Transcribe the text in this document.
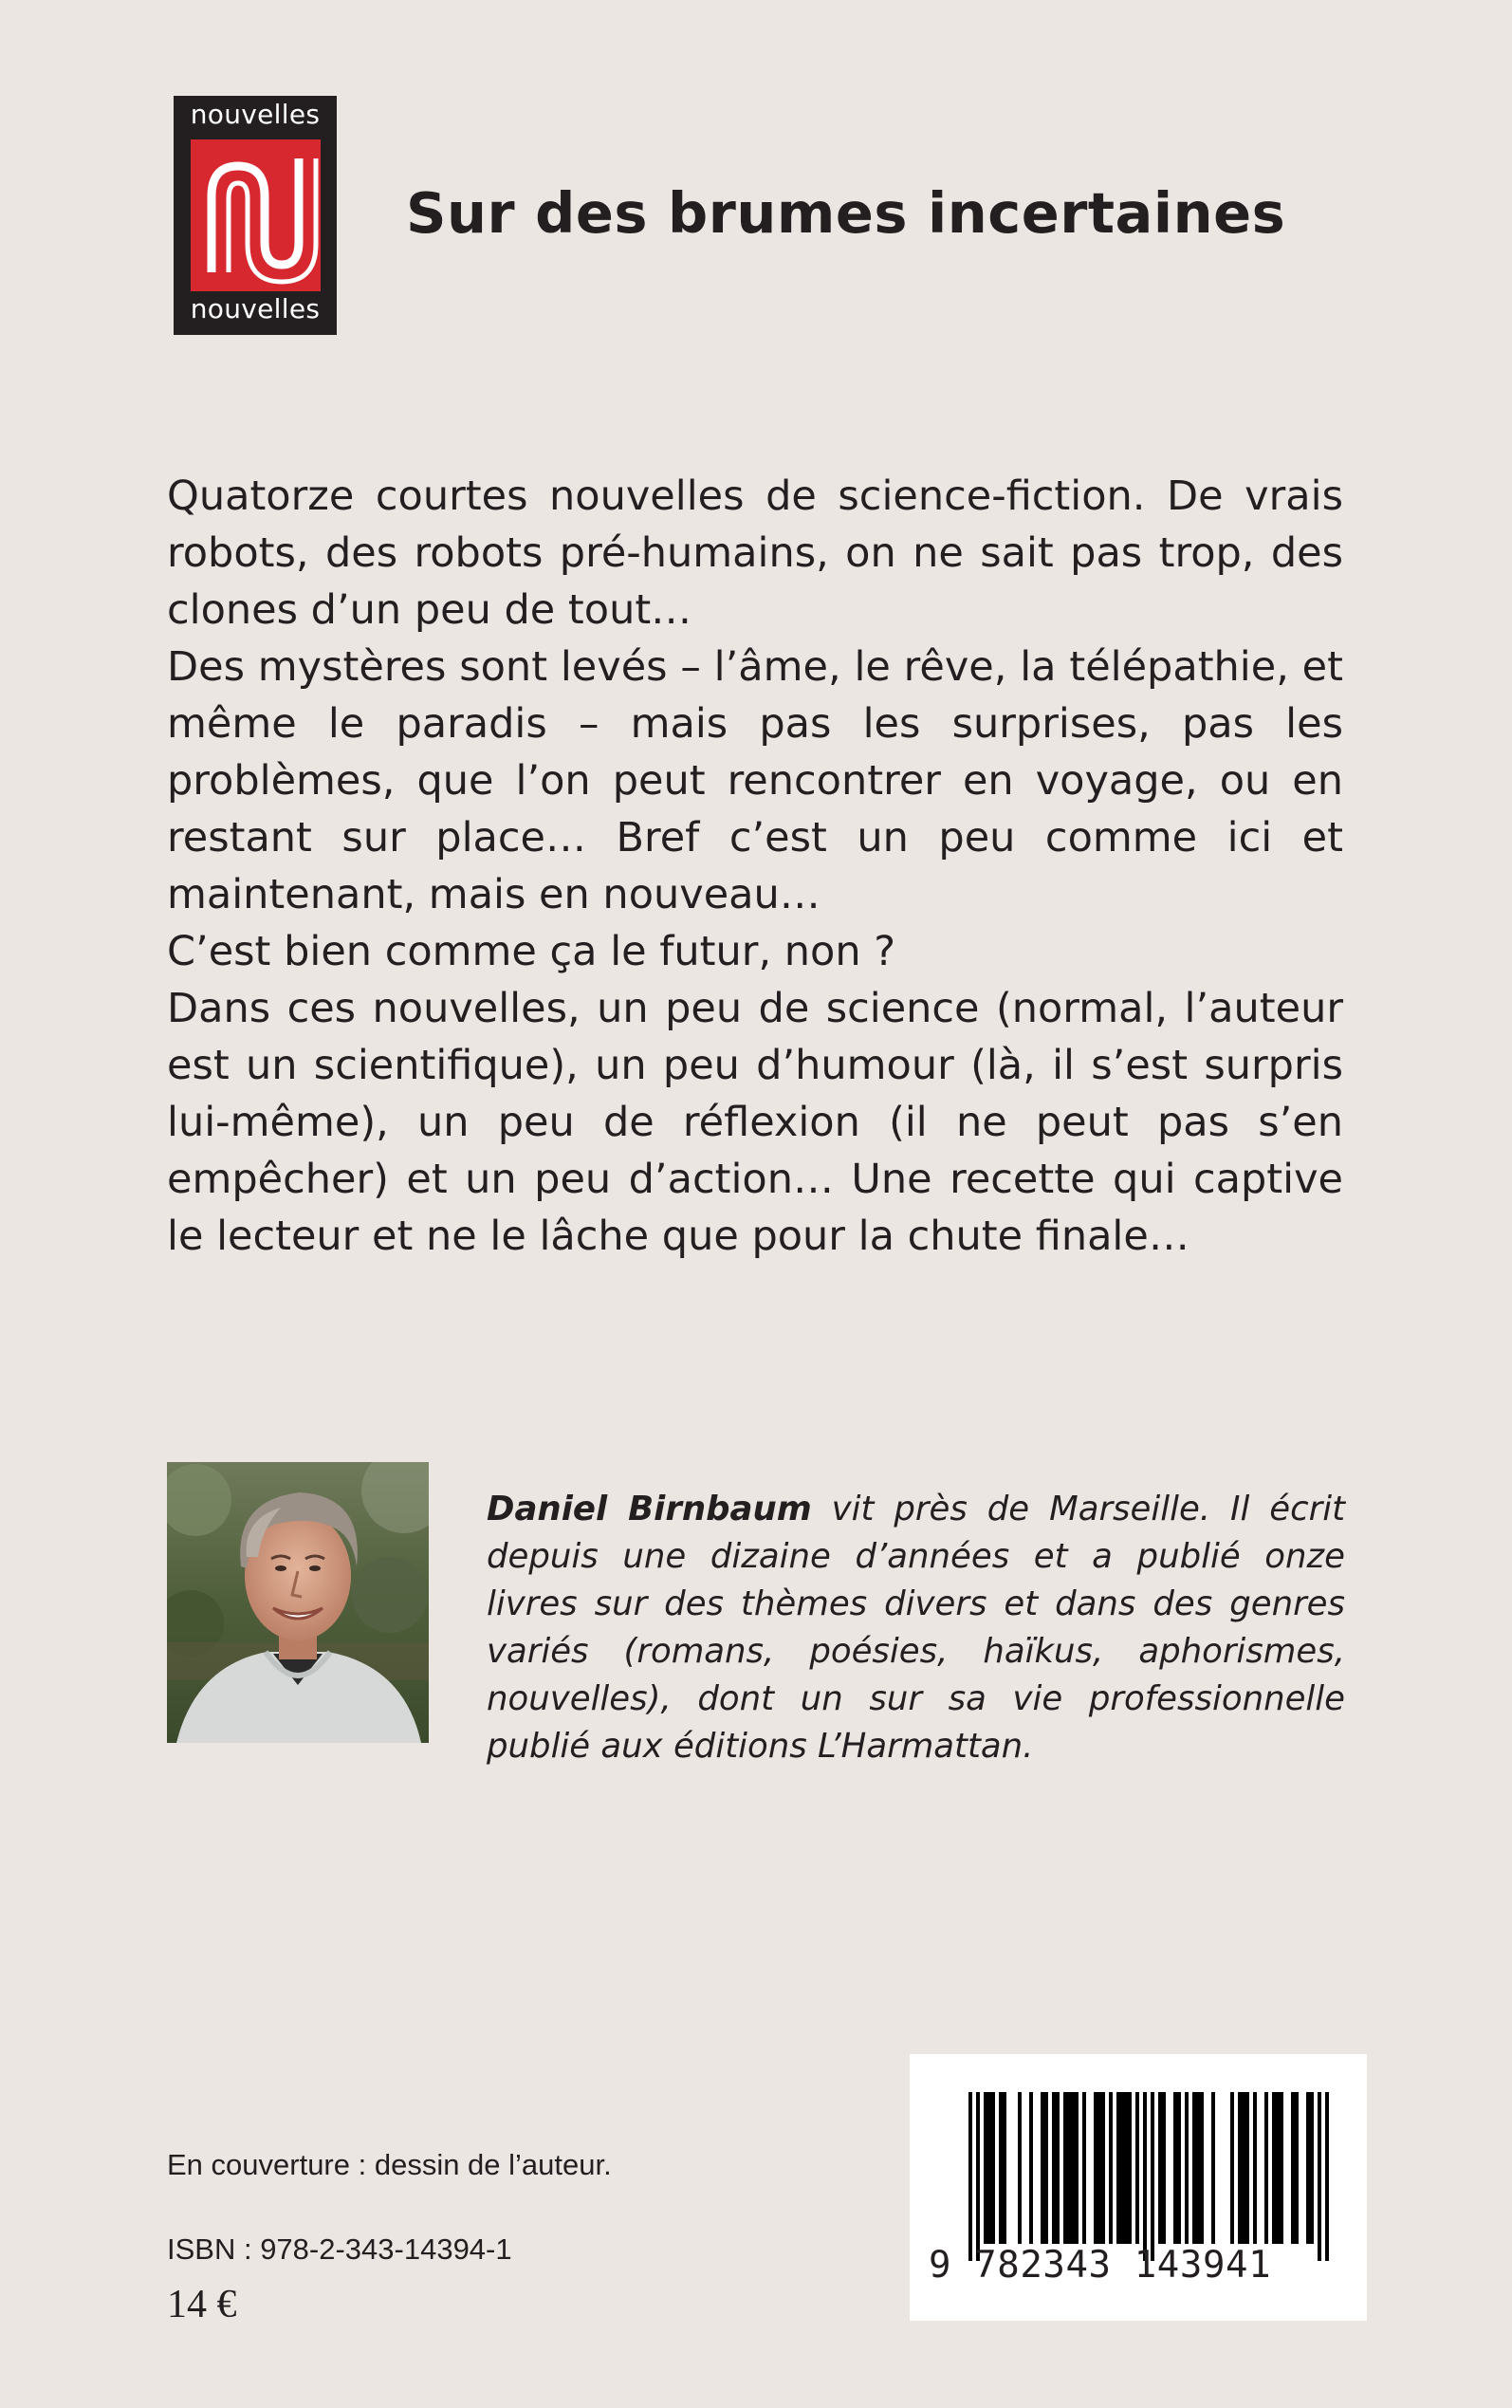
nouvelles
nouvelles
Sur des brumes incertaines

Quatorze courtes nouvelles de science-fiction. De vrais robots, des robots pré-humains, on ne sait pas trop, des clones d’un peu de tout…

Des mystères sont levés – l’âme, le rêve, la télépathie, et même le paradis – mais pas les surprises, pas les problèmes, que l’on peut rencontrer en voyage, ou en restant sur place… Bref c’est un peu comme ici et maintenant, mais en nouveau…

C’est bien comme ça le futur, non ?

Dans ces nouvelles, un peu de science (normal, l’auteur est un scientifique), un peu d’humour (là, il s’est surpris lui-même), un peu de réflexion (il ne peut pas s’en empêcher) et un peu d’action… Une recette qui captive le lecteur et ne le lâche que pour la chute finale…

Daniel Birnbaum vit près de Marseille. Il écrit depuis une dizaine d’années et a publié onze livres sur des thèmes divers et dans des genres variés (romans, poésies, haïkus, aphorismes, nouvelles), dont un sur sa vie professionnelle publié aux éditions L’Harmattan.
En couverture : dessin de l’auteur.
ISBN : 978-2-343-14394-1
14 €
9 782343 143941
